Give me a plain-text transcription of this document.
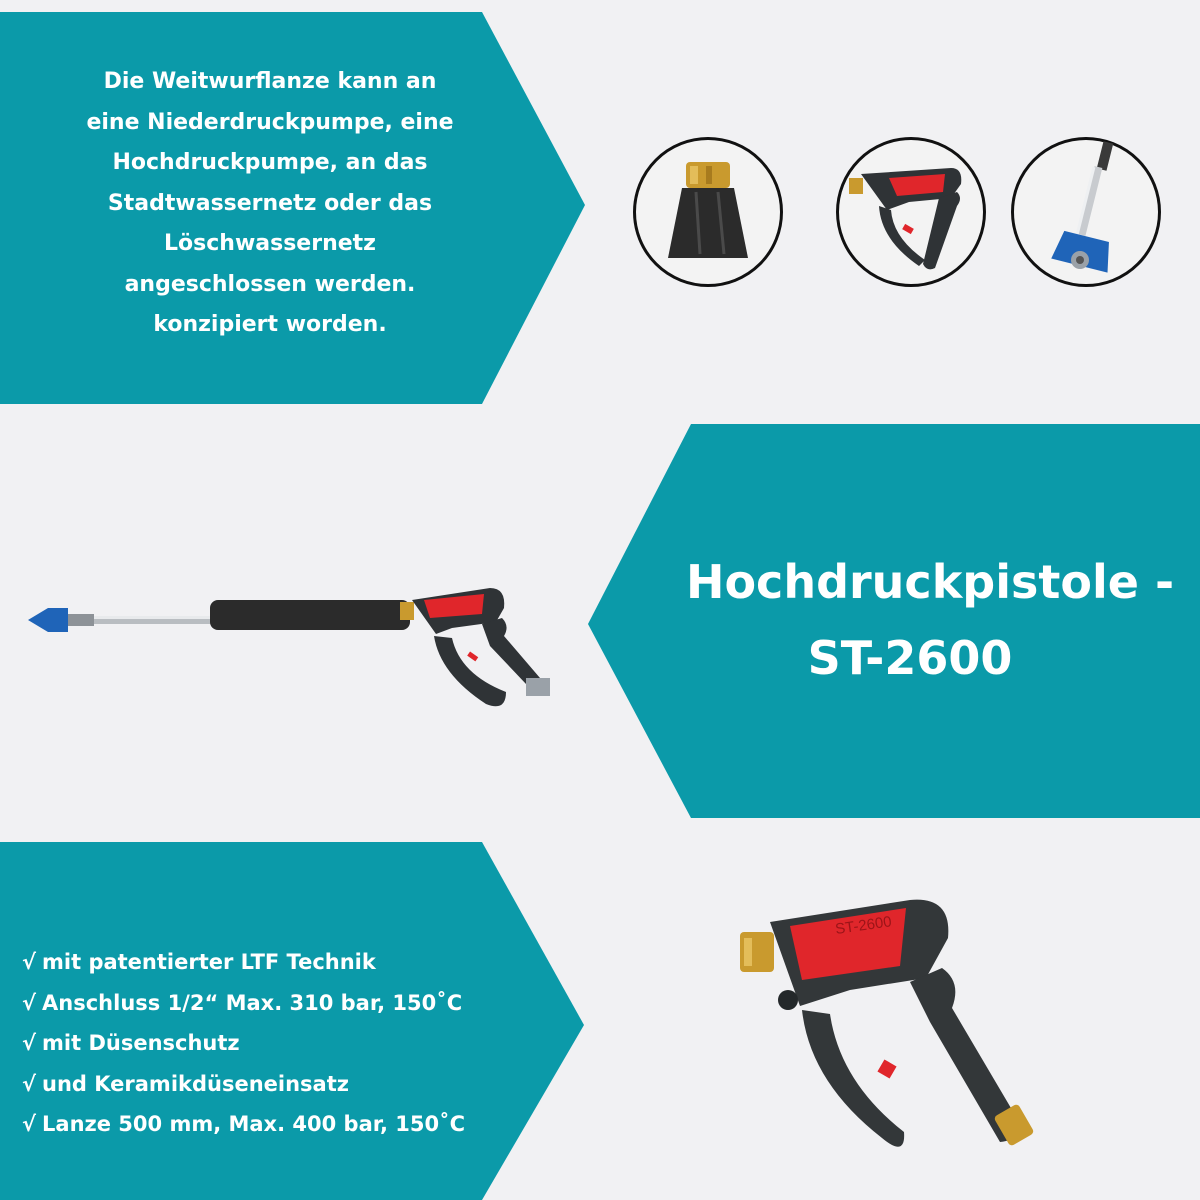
Die Weitwurflanze kann an
eine Niederdruckpumpe, eine
Hochdruckpumpe, an das
Stadtwassernetz oder das
Löschwassernetz
angeschlossen werden.
konzipiert worden.
Hochdruckpistole -
ST-2600
√ mit patentierter LTF Technik
√ Anschluss 1/2“ Max. 310 bar, 150˚C
√ mit Düsenschutz
√ und Keramikdüseneinsatz
√ Lanze 500 mm, Max. 400 bar, 150˚C
ST-2600
